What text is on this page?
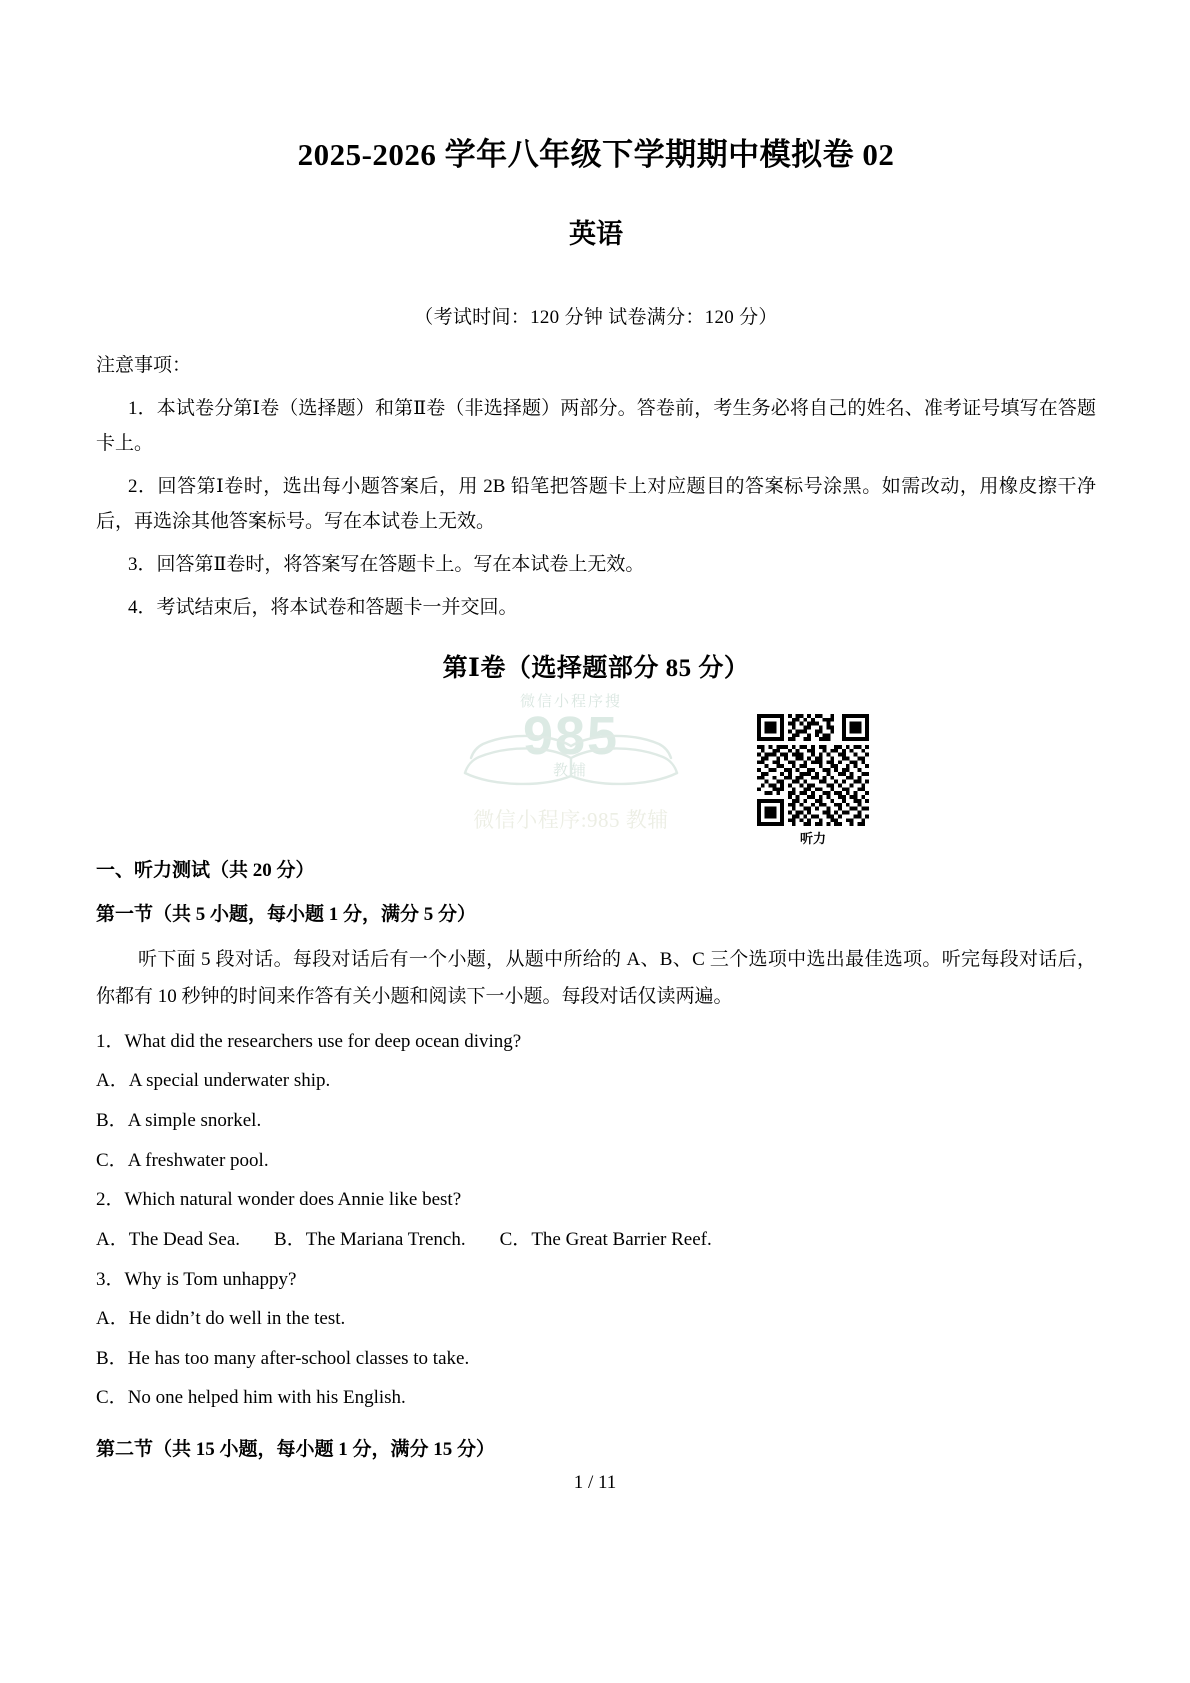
2025-2026 学年八年级下学期期中模拟卷 02
英语

（考试时间：120 分钟 试卷满分：120 分）

注意事项：

1．本试卷分第Ⅰ卷（选择题）和第Ⅱ卷（非选择题）两部分。答卷前，考生务必将自己的姓名、准考证号填写在答题卡上。

2．回答第Ⅰ卷时，选出每小题答案后，用 2B 铅笔把答题卡上对应题目的答案标号涂黑。如需改动，用橡皮擦干净后，再选涂其他答案标号。写在本试卷上无效。

3．回答第Ⅱ卷时，将答案写在答题卡上。写在本试卷上无效。

4．考试结束后，将本试卷和答题卡一并交回。

第Ⅰ卷（选择题部分 85 分）
微信小程序搜
985
教辅
微信小程序:985 教辅
听力

一、听力测试（共 20 分）

第一节（共 5 小题，每小题 1 分，满分 5 分）

听下面 5 段对话。每段对话后有一个小题，从题中所给的 A、B、C 三个选项中选出最佳选项。听完每段对话后，你都有 10 秒钟的时间来作答有关小题和阅读下一小题。每段对话仅读两遍。

1．What did the researchers use for deep ocean diving?

A．A special underwater ship.

B．A simple snorkel.

C．A freshwater pool.

2．Which natural wonder does Annie like best?

A．The Dead Sea. B．The Mariana Trench. C．The Great Barrier Reef.

3．Why is Tom unhappy?

A．He didn’t do well in the test.

B．He has too many after-school classes to take.

C．No one helped him with his English.

第二节（共 15 小题，每小题 1 分，满分 15 分）

1 / 11
